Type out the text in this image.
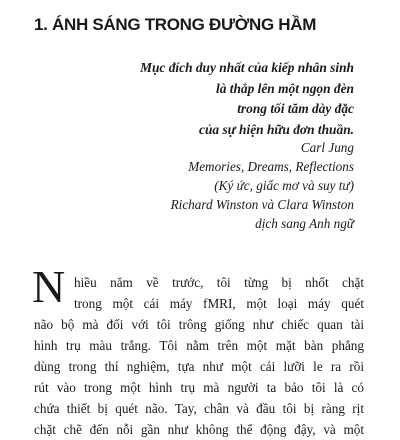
1. ÁNH SÁNG TRONG ĐƯỜNG HẦM
Mục đích duy nhất của kiếp nhân sinh
là thắp lên một ngọn đèn
trong tối tăm dày đặc
của sự hiện hữu đơn thuần.
Carl Jung
Memories, Dreams, Reflections
(Ký ức, giấc mơ và suy tư)
Richard Winston và Clara Winston
dịch sang Anh ngữ
N hiều năm về trước, tôi từng bị nhốt chặt
trong một cái máy fMRI, một loại máy quét
não bộ mà đối với tôi trông giống như chiếc quan tài
hình trụ màu trắng. Tôi nằm trên một mặt bàn phẳng
dùng trong thí nghiệm, tựa như một cái lưỡi le ra rồi
rút vào trong một hình trụ mà người ta bảo tôi là có
chứa thiết bị quét não. Tay, chân và đầu tôi bị ràng rịt
chặt chẽ đến nỗi gần như không thể động đậy, và một
